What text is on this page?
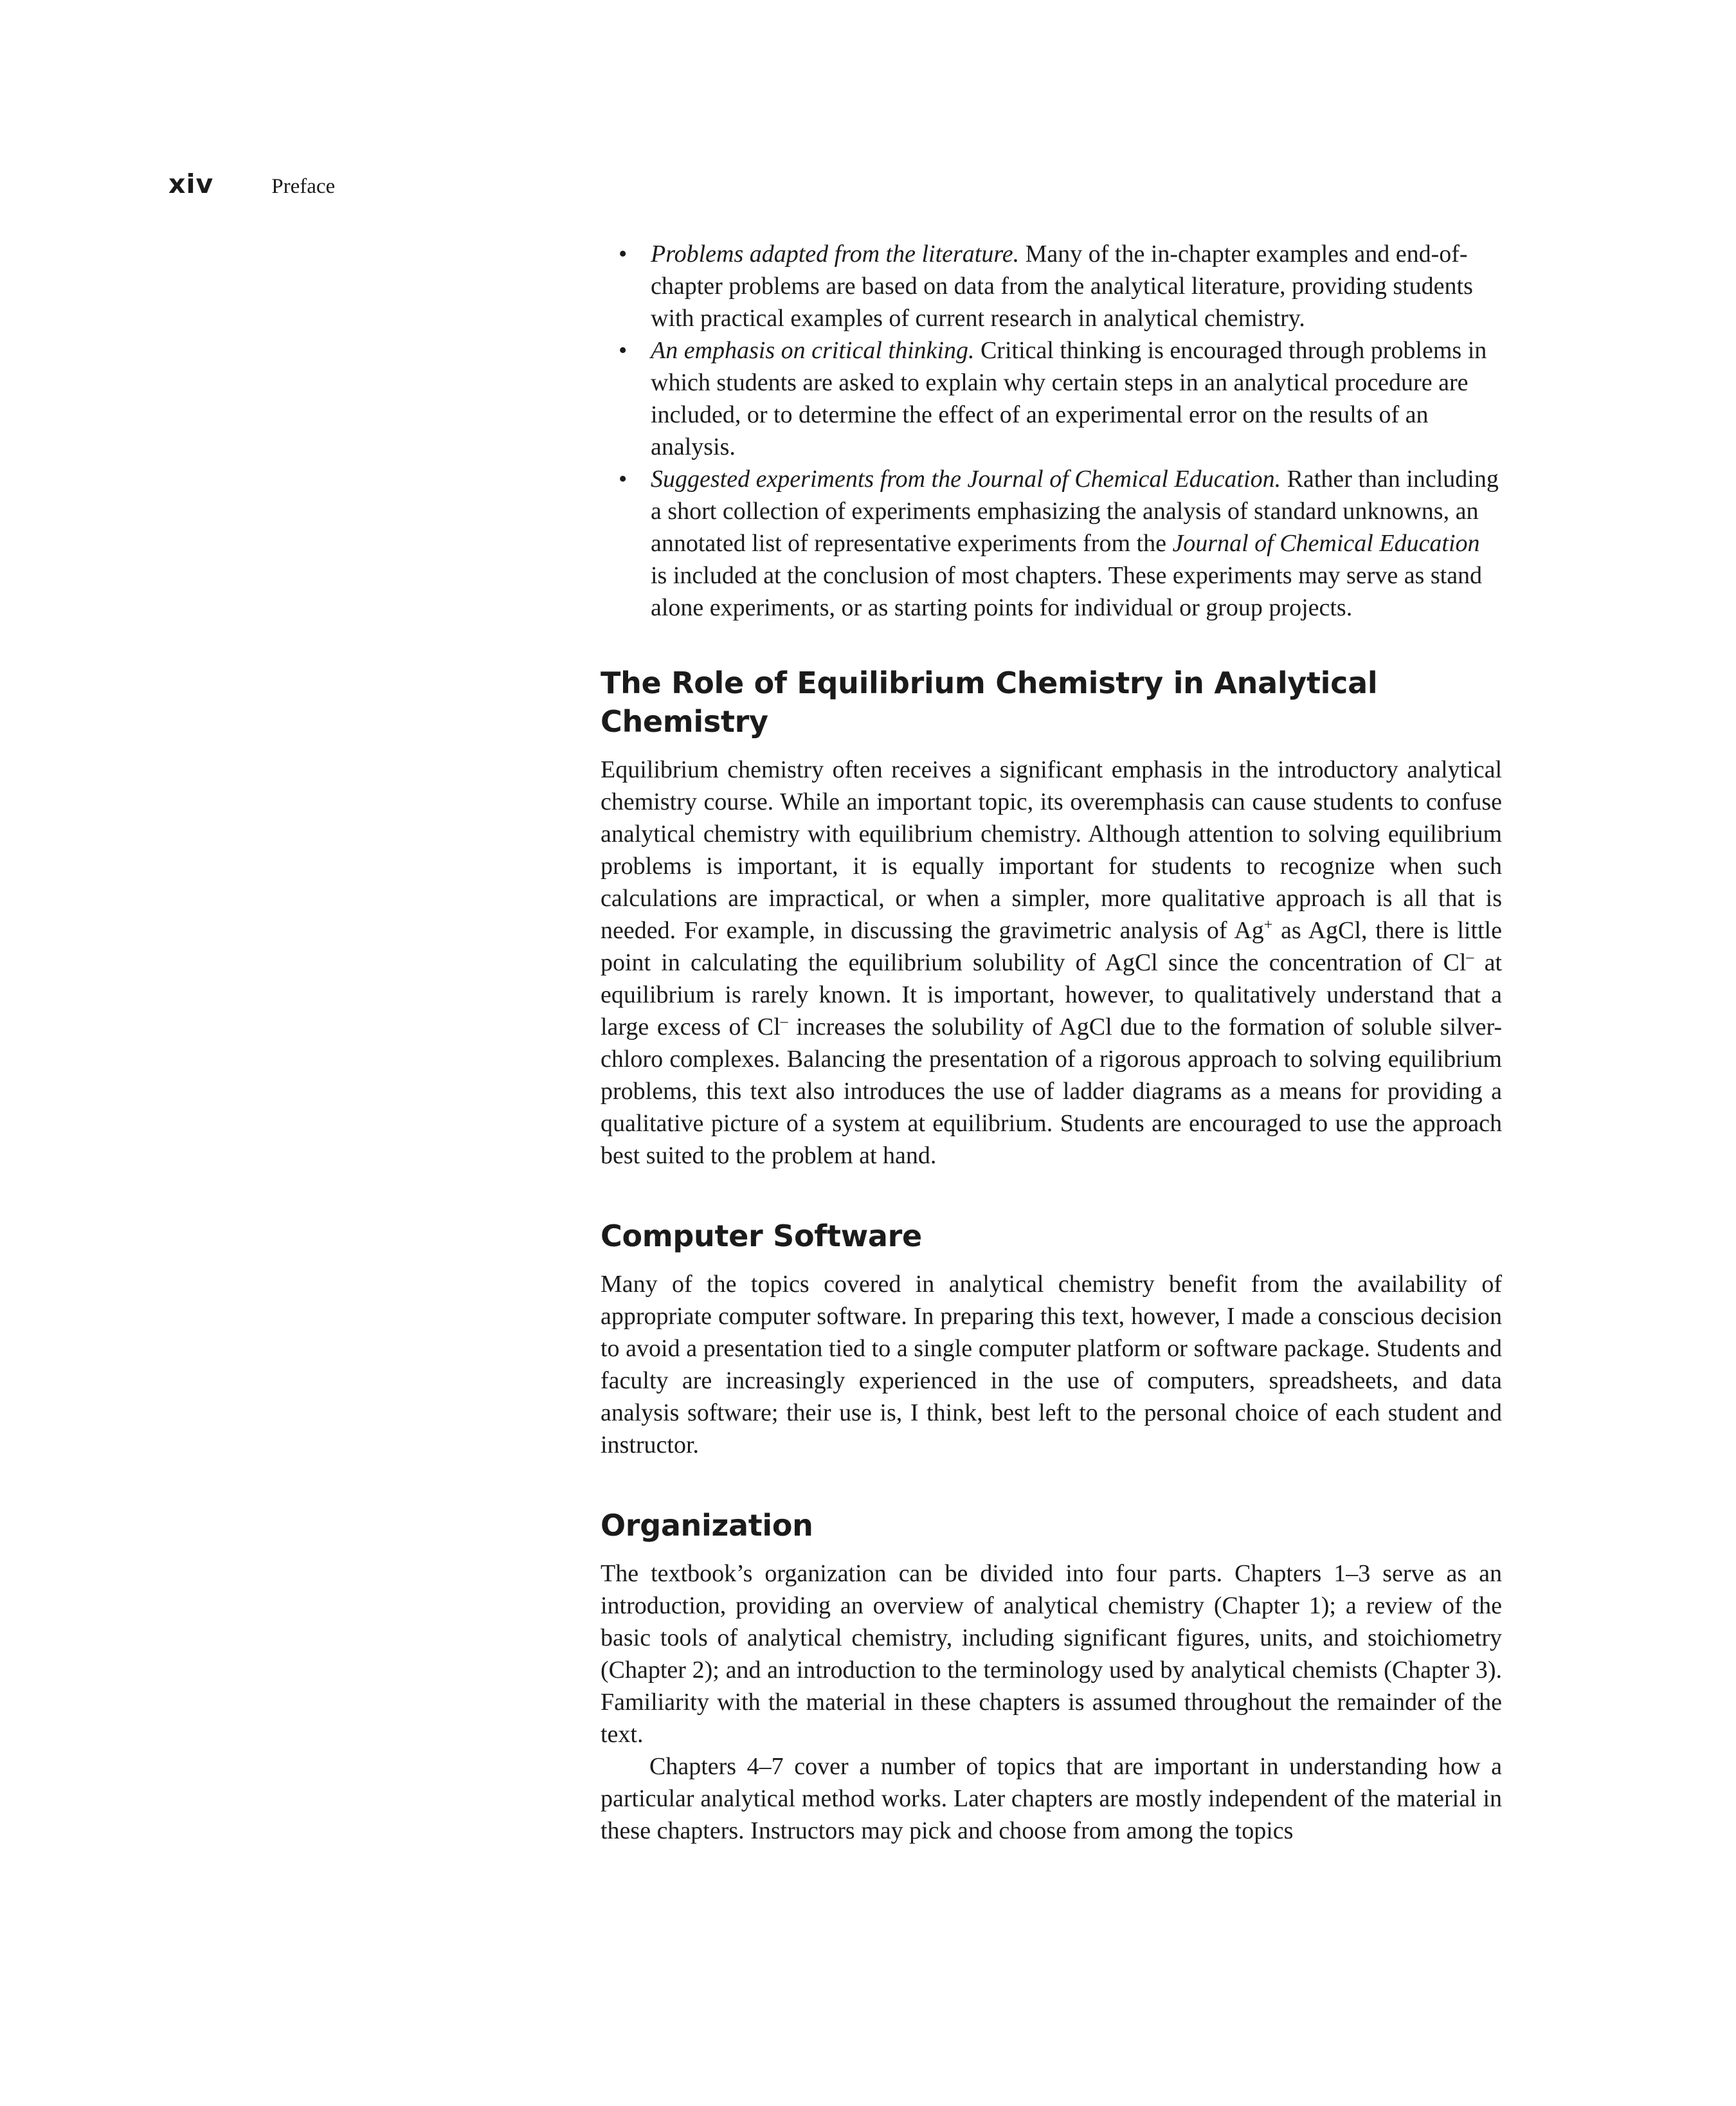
xiv	Preface
• Problems adapted from the literature. Many of the in-chapter examples and end-of-chapter problems are based on data from the analytical literature, providing students with practical examples of current research in analytical chemistry.
• An emphasis on critical thinking. Critical thinking is encouraged through problems in which students are asked to explain why certain steps in an analytical procedure are included, or to determine the effect of an experimental error on the results of an analysis.
• Suggested experiments from the Journal of Chemical Education. Rather than including a short collection of experiments emphasizing the analysis of standard unknowns, an annotated list of representative experiments from the Journal of Chemical Education is included at the conclusion of most chapters. These experiments may serve as stand alone experiments, or as starting points for individual or group projects.
The Role of Equilibrium Chemistry in Analytical Chemistry

Equilibrium chemistry often receives a significant emphasis in the introductory analytical chemistry course. While an important topic, its overemphasis can cause students to confuse analytical chemistry with equilibrium chemistry. Although attention to solving equilibrium problems is important, it is equally important for students to recognize when such calculations are impractical, or when a simpler, more qualitative approach is all that is needed. For example, in discussing the gravimetric analysis of Ag+ as AgCl, there is little point in calculating the equilibrium solubility of AgCl since the concentration of Cl– at equilibrium is rarely known. It is important, however, to qualitatively understand that a large excess of Cl– increases the solubility of AgCl due to the formation of soluble silver-chloro complexes. Balancing the presentation of a rigorous approach to solving equilibrium problems, this text also introduces the use of ladder diagrams as a means for providing a qualitative picture of a system at equilibrium. Students are encouraged to use the approach best suited to the problem at hand.

Computer Software

Many of the topics covered in analytical chemistry benefit from the availability of appropriate computer software. In preparing this text, however, I made a conscious decision to avoid a presentation tied to a single computer platform or software package. Students and faculty are increasingly experienced in the use of computers, spreadsheets, and data analysis software; their use is, I think, best left to the personal choice of each student and instructor.

Organization

The textbook’s organization can be divided into four parts. Chapters 1–3 serve as an introduction, providing an overview of analytical chemistry (Chapter 1); a review of the basic tools of analytical chemistry, including significant figures, units, and stoichiometry (Chapter 2); and an introduction to the terminology used by analytical chemists (Chapter 3). Familiarity with the material in these chapters is assumed throughout the remainder of the text.

Chapters 4–7 cover a number of topics that are important in understanding how a particular analytical method works. Later chapters are mostly independent of the material in these chapters. Instructors may pick and choose from among the topics
